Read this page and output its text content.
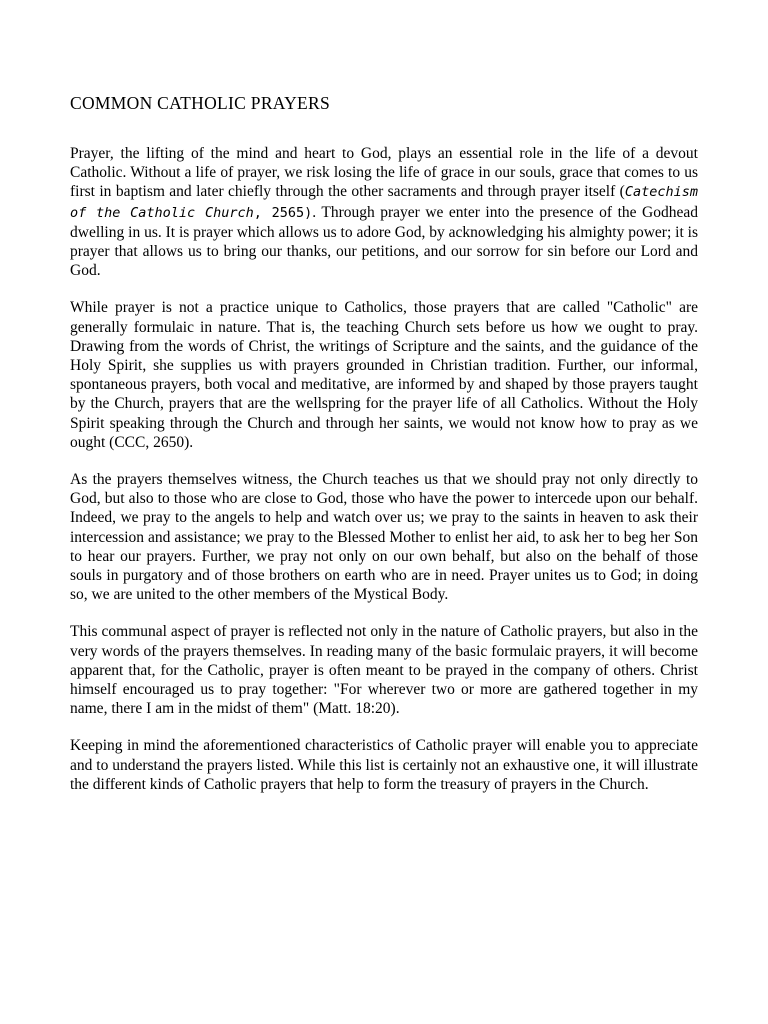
COMMON CATHOLIC PRAYERS

Prayer, the lifting of the mind and heart to God, plays an essential role in the life of a devout Catholic. Without a life of prayer, we risk losing the life of grace in our souls, grace that comes to us first in baptism and later chiefly through the other sacraments and through prayer itself (Catechism of the Catholic Church, 2565). Through prayer we enter into the presence of the Godhead dwelling in us. It is prayer which allows us to adore God, by acknowledging his almighty power; it is prayer that allows us to bring our thanks, our petitions, and our sorrow for sin before our Lord and God.

While prayer is not a practice unique to Catholics, those prayers that are called "Catholic" are generally formulaic in nature. That is, the teaching Church sets before us how we ought to pray. Drawing from the words of Christ, the writings of Scripture and the saints, and the guidance of the Holy Spirit, she supplies us with prayers grounded in Christian tradition. Further, our informal, spontaneous prayers, both vocal and meditative, are informed by and shaped by those prayers taught by the Church, prayers that are the wellspring for the prayer life of all Catholics. Without the Holy Spirit speaking through the Church and through her saints, we would not know how to pray as we ought (CCC, 2650).

As the prayers themselves witness, the Church teaches us that we should pray not only directly to God, but also to those who are close to God, those who have the power to intercede upon our behalf. Indeed, we pray to the angels to help and watch over us; we pray to the saints in heaven to ask their intercession and assistance; we pray to the Blessed Mother to enlist her aid, to ask her to beg her Son to hear our prayers. Further, we pray not only on our own behalf, but also on the behalf of those souls in purgatory and of those brothers on earth who are in need. Prayer unites us to God; in doing so, we are united to the other members of the Mystical Body.

This communal aspect of prayer is reflected not only in the nature of Catholic prayers, but also in the very words of the prayers themselves. In reading many of the basic formulaic prayers, it will become apparent that, for the Catholic, prayer is often meant to be prayed in the company of others. Christ himself encouraged us to pray together: "For wherever two or more are gathered together in my name, there I am in the midst of them" (Matt. 18:20).

Keeping in mind the aforementioned characteristics of Catholic prayer will enable you to appreciate and to understand the prayers listed. While this list is certainly not an exhaustive one, it will illustrate the different kinds of Catholic prayers that help to form the treasury of prayers in the Church.
